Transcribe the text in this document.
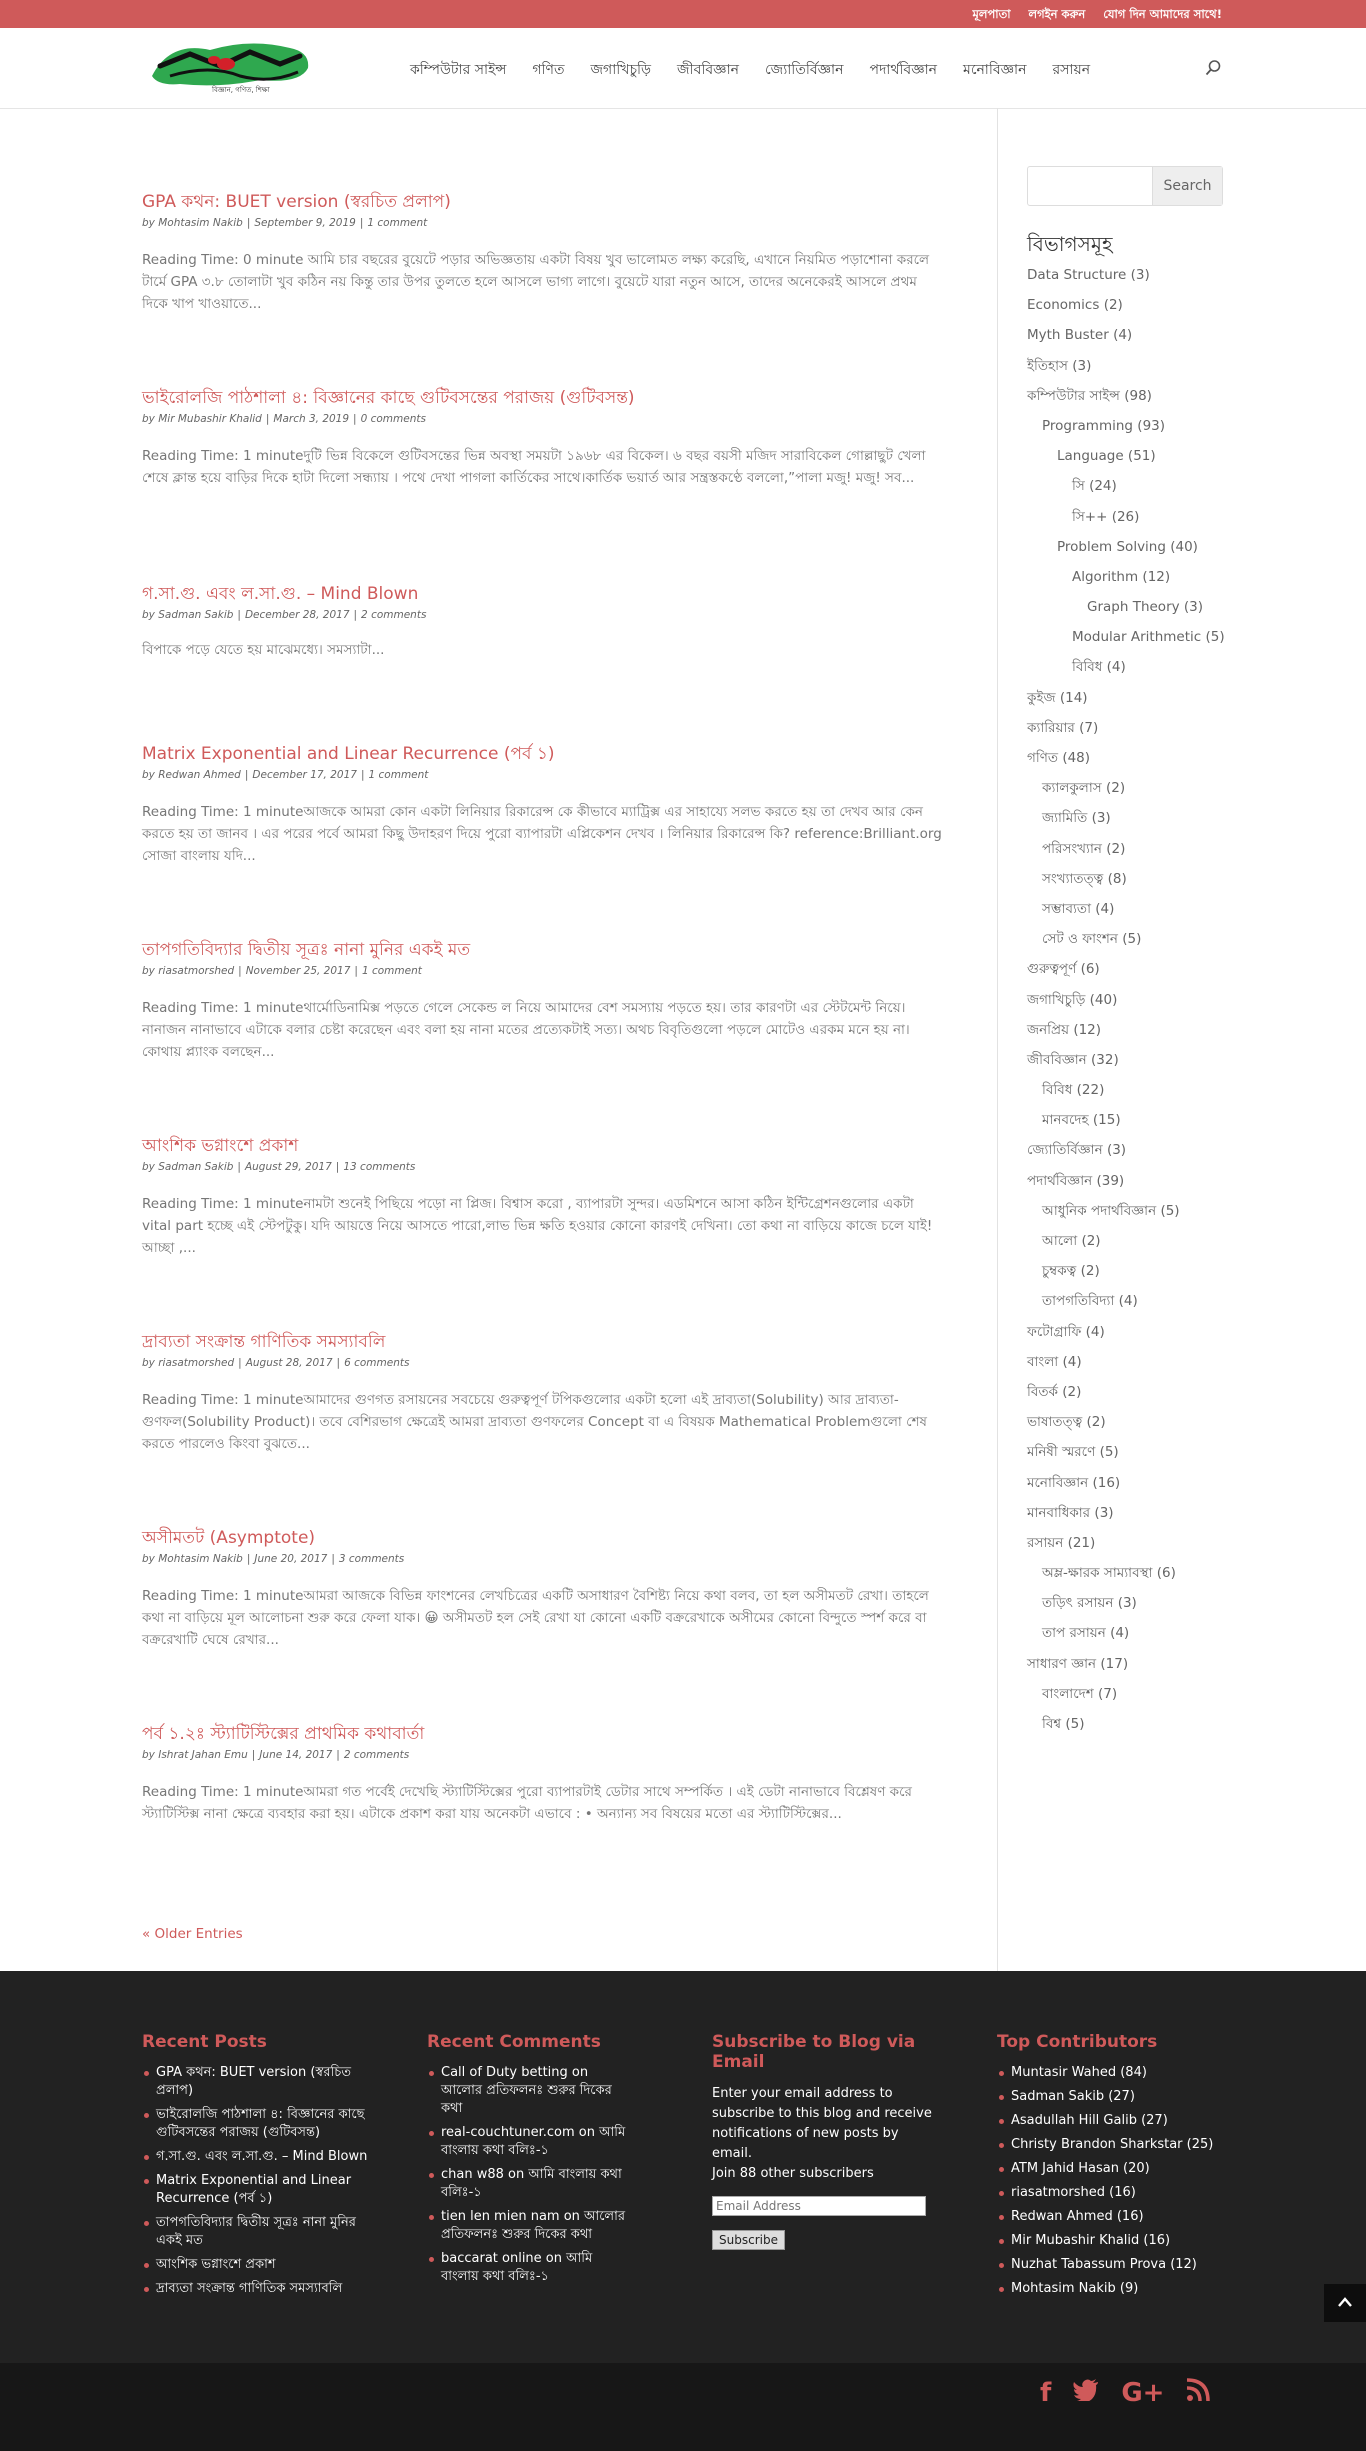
মূলপাতা লগইন করুন যোগ দিন আমাদের সাথে!
বিজ্ঞান, গণিত, শিক্ষা
কম্পিউটার সাইন্স গণিত জগাখিচুড়ি জীববিজ্ঞান জ্যোতির্বিজ্ঞান পদার্থবিজ্ঞান মনোবিজ্ঞান রসায়ন
GPA কথন: BUET version (স্বরচিত প্রলাপ)
by Mohtasim Nakib | September 9, 2019 | 1 comment
Reading Time: 0 minute আমি চার বছরের বুয়েটে পড়ার অভিজ্ঞতায় একটা বিষয় খুব ভালোমত লক্ষ্য করেছি, এখানে নিয়মিত পড়াশোনা করলে টার্মে GPA ৩.৮ তোলাটা খুব কঠিন নয় কিন্তু তার উপর তুলতে হলে আসলে ভাগ্য লাগে। বুয়েটে যারা নতুন আসে, তাদের অনেকেরই আসলে প্রথম দিকে খাপ খাওয়াতে...
ভাইরোলজি পাঠশালা ৪: বিজ্ঞানের কাছে গুটিবসন্তের পরাজয় (গুটিবসন্ত)
by Mir Mubashir Khalid | March 3, 2019 | 0 comments
Reading Time: 1 minuteদুটি ভিন্ন বিকেলে গুটিবসন্তের ভিন্ন অবস্থা সময়টা ১৯৬৮ এর বিকেল। ৬ বছর বয়সী মজিদ সারাবিকেল গোল্লাছুট খেলা শেষে ক্লান্ত হয়ে বাড়ির দিকে হাটা দিলো সন্ধ্যায় । পথে দেখা পাগলা কার্তিকের সাথে।কার্তিক ভয়ার্ত আর সন্ত্রস্তকণ্ঠে বললো,”পালা মজু! মজু! সব...
গ.সা.গু. এবং ল.সা.গু. – Mind Blown
by Sadman Sakib | December 28, 2017 | 2 comments
বিপাকে পড়ে যেতে হয় মাঝেমধ্যে। সমস্যাটা...
Matrix Exponential and Linear Recurrence (পর্ব ১)
by Redwan Ahmed | December 17, 2017 | 1 comment
Reading Time: 1 minuteআজকে আমরা কোন একটা লিনিয়ার রিকারেন্স কে কীভাবে ম্যাট্রিক্স এর সাহায্যে সলভ করতে হয় তা দেখব আর কেন করতে হয় তা জানব । এর পরের পর্বে আমরা কিছু উদাহরণ দিয়ে পুরো ব্যাপারটা এপ্লিকেশন দেখব । লিনিয়ার রিকারেন্স কি? reference:Brilliant.org সোজা বাংলায় যদি...
তাপগতিবিদ্যার দ্বিতীয় সূত্রঃ নানা মুনির একই মত
by riasatmorshed | November 25, 2017 | 1 comment
Reading Time: 1 minuteথার্মোডিনামিক্স পড়তে গেলে সেকেন্ড ল নিয়ে আমাদের বেশ সমস্যায় পড়তে হয়। তার কারণটা এর স্টেটমেন্ট নিয়ে। নানাজন নানাভাবে এটাকে বলার চেষ্টা করেছেন এবং বলা হয় নানা মতের প্রত্যেকটাই সত্য। অথচ বিবৃতিগুলো পড়লে মোটেও এরকম মনে হয় না। কোথায় প্ল্যাংক বলছেন...
আংশিক ভগ্নাংশে প্রকাশ
by Sadman Sakib | August 29, 2017 | 13 comments
Reading Time: 1 minuteনামটা শুনেই পিছিয়ে পড়ো না প্লিজ। বিশ্বাস করো , ব্যাপারটা সুন্দর। এডমিশনে আসা কঠিন ইন্টিগ্রেশনগুলোর একটা vital part হচ্ছে এই স্টেপটুকু। যদি আয়ত্তে নিয়ে আসতে পারো,লাভ ভিন্ন ক্ষতি হওয়ার কোনো কারণই দেখিনা। তো কথা না বাড়িয়ে কাজে চলে যাই! আচ্ছা ,...
দ্রাব্যতা সংক্রান্ত গাণিতিক সমস্যাবলি
by riasatmorshed | August 28, 2017 | 6 comments
Reading Time: 1 minuteআমাদের গুণগত রসায়নের সবচেয়ে গুরুত্বপূর্ণ টপিকগুলোর একটা হলো এই দ্রাব্যতা(Solubility) আর দ্রাব্যতা-গুণফল(Solubility Product)। তবে বেশিরভাগ ক্ষেত্রেই আমরা দ্রাব্যতা গুণফলের Concept বা এ বিষয়ক Mathematical Problemগুলো শেষ করতে পারলেও কিংবা বুঝতে...
অসীমতট (Asymptote)
by Mohtasim Nakib | June 20, 2017 | 3 comments
Reading Time: 1 minuteআমরা আজকে বিভিন্ন ফাংশনের লেখচিত্রের একটি অসাধারণ বৈশিষ্ট্য নিয়ে কথা বলব, তা হল অসীমতট রেখা। তাহলে কথা না বাড়িয়ে মূল আলোচনা শুরু করে ফেলা যাক। 😀 অসীমতট হল সেই রেখা যা কোনো একটি বক্ররেখাকে অসীমের কোনো বিন্দুতে স্পর্শ করে বা বক্ররেখাটি ঘেষে রেখার...
পর্ব ১.২ঃ স্ট্যাটিস্টিক্সের প্রাথমিক কথাবার্তা
by Ishrat Jahan Emu | June 14, 2017 | 2 comments
Reading Time: 1 minuteআমরা গত পর্বেই দেখেছি স্ট্যাটিস্টিক্সের পুরো ব্যাপারটাই ডেটার সাথে সম্পর্কিত । এই ডেটা নানাভাবে বিশ্লেষণ করে স্ট্যাটিস্টিক্স নানা ক্ষেত্রে ব্যবহার করা হয়। এটাকে প্রকাশ করা যায় অনেকটা এভাবে : • অন্যান্য সব বিষয়ের মতো এর স্ট্যাটিস্টিক্সের...
« Older Entries
Search
বিভাগসমূহ
Data Structure (3)
Economics (2)
Myth Buster (4)
ইতিহাস (3)
কম্পিউটার সাইন্স (98)
Programming (93)
Language (51)
সি (24)
সি++ (26)
Problem Solving (40)
Algorithm (12)
Graph Theory (3)
Modular Arithmetic (5)
বিবিধ (4)
কুইজ (14)
ক্যারিয়ার (7)
গণিত (48)
ক্যালকুলাস (2)
জ্যামিতি (3)
পরিসংখ্যান (2)
সংখ্যাতত্ত্ব (8)
সম্ভাব্যতা (4)
সেট ও ফাংশন (5)
গুরুত্বপূর্ণ (6)
জগাখিচুড়ি (40)
জনপ্রিয় (12)
জীববিজ্ঞান (32)
বিবিধ (22)
মানবদেহ (15)
জ্যোতির্বিজ্ঞান (3)
পদার্থবিজ্ঞান (39)
আধুনিক পদার্থবিজ্ঞান (5)
আলো (2)
চুম্বকত্ব (2)
তাপগতিবিদ্যা (4)
ফটোগ্রাফি (4)
বাংলা (4)
বিতর্ক (2)
ভাষাতত্ত্ব (2)
মনিষী স্মরণে (5)
মনোবিজ্ঞান (16)
মানবাধিকার (3)
রসায়ন (21)
অম্ল-ক্ষারক সাম্যাবস্থা (6)
তড়িৎ রসায়ন (3)
তাপ রসায়ন (4)
সাধারণ জ্ঞান (17)
বাংলাদেশ (7)
বিশ্ব (5)
Recent Posts
GPA কথন: BUET version (স্বরচিত প্রলাপ)
ভাইরোলজি পাঠশালা ৪: বিজ্ঞানের কাছে গুটিবসন্তের পরাজয় (গুটিবসন্ত)
গ.সা.গু. এবং ল.সা.গু. – Mind Blown
Matrix Exponential and Linear Recurrence (পর্ব ১)
তাপগতিবিদ্যার দ্বিতীয় সূত্রঃ নানা মুনির একই মত
আংশিক ভগ্নাংশে প্রকাশ
দ্রাব্যতা সংক্রান্ত গাণিতিক সমস্যাবলি
Recent Comments
Call of Duty betting on আলোর প্রতিফলনঃ শুরুর দিকের কথা
real-couchtuner.com on আমি বাংলায় কথা বলিঃ-১
chan w88 on আমি বাংলায় কথা বলিঃ-১
tien len mien nam on আলোর প্রতিফলনঃ শুরুর দিকের কথা
baccarat online on আমি বাংলায় কথা বলিঃ-১
Subscribe to Blog via Email
Enter your email address to subscribe to this blog and receive notifications of new posts by email.
Join 88 other subscribers
Email Address
Subscribe
Top Contributors
Muntasir Wahed (84)
Sadman Sakib (27)
Asadullah Hill Galib (27)
Christy Brandon Sharkstar (25)
ATM Jahid Hasan (20)
riasatmorshed (16)
Redwan Ahmed (16)
Mir Mubashir Khalid (16)
Nuzhat Tabassum Prova (12)
Mohtasim Nakib (9)
f	G+
